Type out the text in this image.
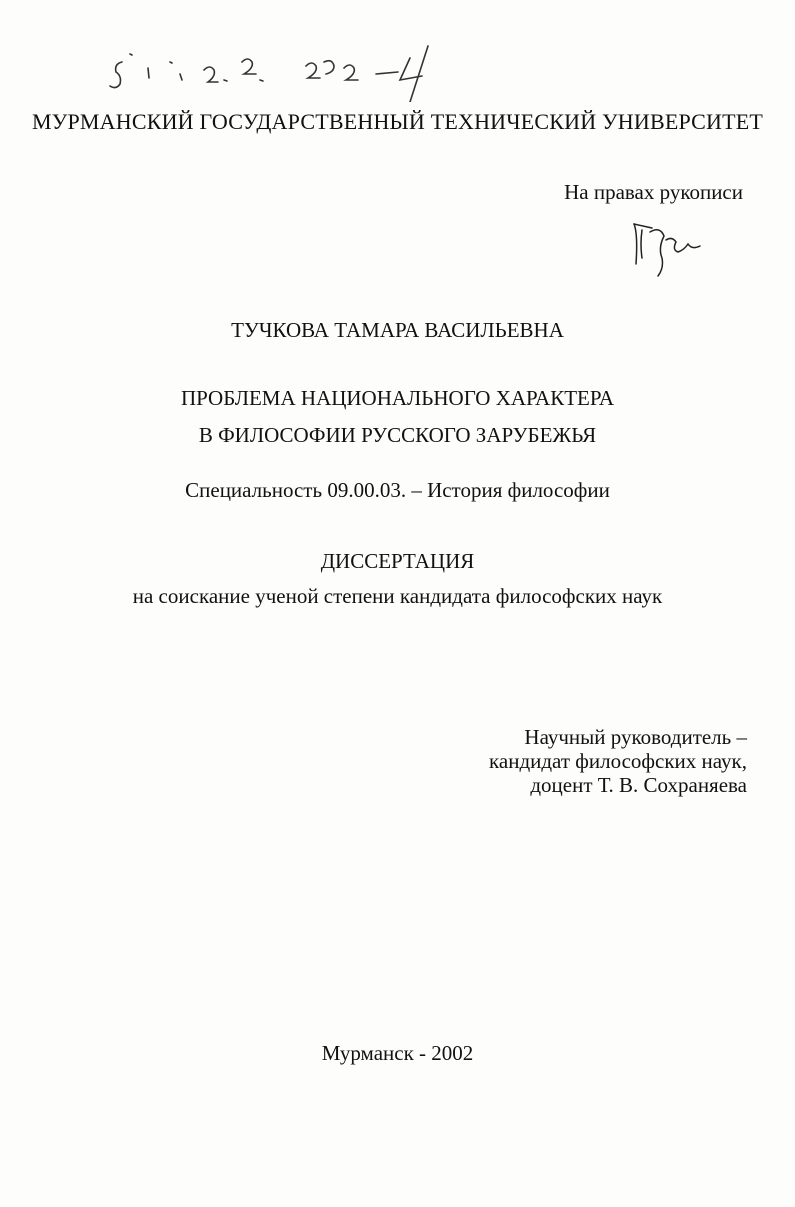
МУРМАНСКИЙ ГОСУДАРСТВЕННЫЙ ТЕХНИЧЕСКИЙ УНИВЕРСИТЕТ
На правах рукописи
ТУЧКОВА ТАМАРА ВАСИЛЬЕВНА
ПРОБЛЕМА НАЦИОНАЛЬНОГО ХАРАКТЕРА
В ФИЛОСОФИИ РУССКОГО ЗАРУБЕЖЬЯ
Специальность 09.00.03. – История философии
ДИССЕРТАЦИЯ
на соискание ученой степени кандидата философских наук
Научный руководитель –
кандидат философских наук,
доцент Т. В. Сохраняева
Мурманск - 2002
